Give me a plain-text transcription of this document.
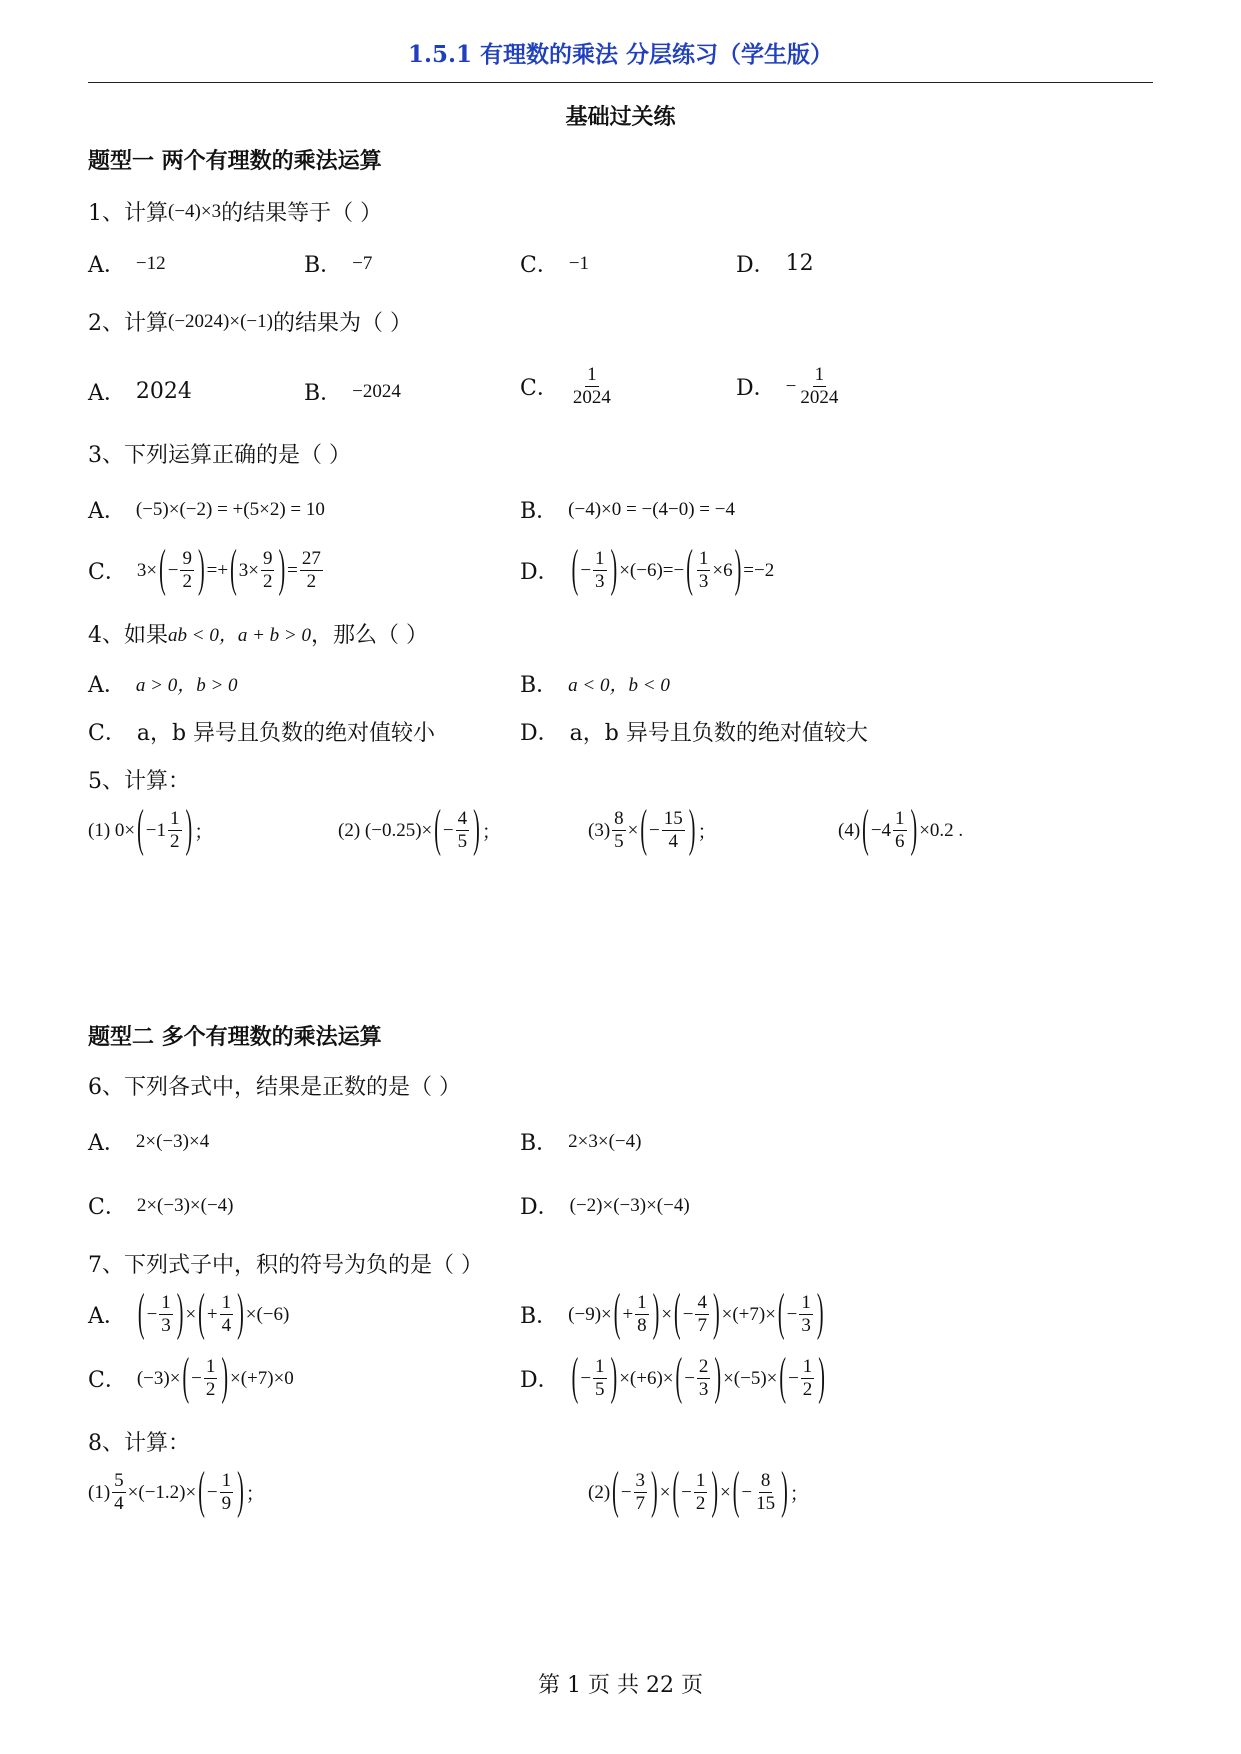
1.5.1 有理数的乘法 分层练习（学生版）
基础过关练
题型一 两个有理数的乘法运算
1、计算 (−4)×3 的结果等于（ ）
A． −12	B． −7	C． −1	D． 12
2、计算 (−2024)×(−1) 的结果为（ ）
A． 2024	B． −2024	C．
1
2024	D． − $\frac{1}{2024}$
3、下列运算正确的是（ ）
A． (−5)×(−2) = +(5×2) = 10	B． (−4)×0 = −(4−0) = −4
C． 3× ( −
9
2 ) =+ ( 3×
9
2 ) =
27
2	D． ( −
1
3 ) ×(−6)=− ( 1
3
×6 ) =−2
4、如果 ab < 0，a + b > 0 ，那么（ ）
A． a > 0，b > 0	B． a < 0，b < 0
C． a，b 异号且负数的绝对值较小	D． a，b 异号且负数的绝对值较大
5、计算：
(1) 0× ( −1
1
2 ) ；	(2) (−0.25)× ( −
4
5 ) ；	(3)
8
5
× ( −
15
4 ) ；	(4) ( −4
1
6 ) ×0.2 .
题型二 多个有理数的乘法运算
6、下列各式中，结果是正数的是（ ）
A． 2×(−3)×4	B． 2×3×(−4)
C． 2×(−3)×(−4)	D． (−2)×(−3)×(−4)
7、下列式子中，积的符号为负的是（ ）
A． ( −
1
3 ) × ( +
1
4 ) ×(−6)	B． (−9)× ( +
1
8 ) × ( −
4
7 ) ×(+7)× ( −
1
3 )
C． (−3)× ( −
1
2 ) ×(+7)×0	D． ( −
1
5 ) ×(+6)× ( −
2
3 ) ×(−5)× ( −
1
2 )
8、计算：
(1)
5
4
×(−1.2)× ( −
1
9 ) ；	(2) ( −
3
7 ) × ( −
1
2 ) × ( −
8
15 ) ；
第 1 页 共 22 页
